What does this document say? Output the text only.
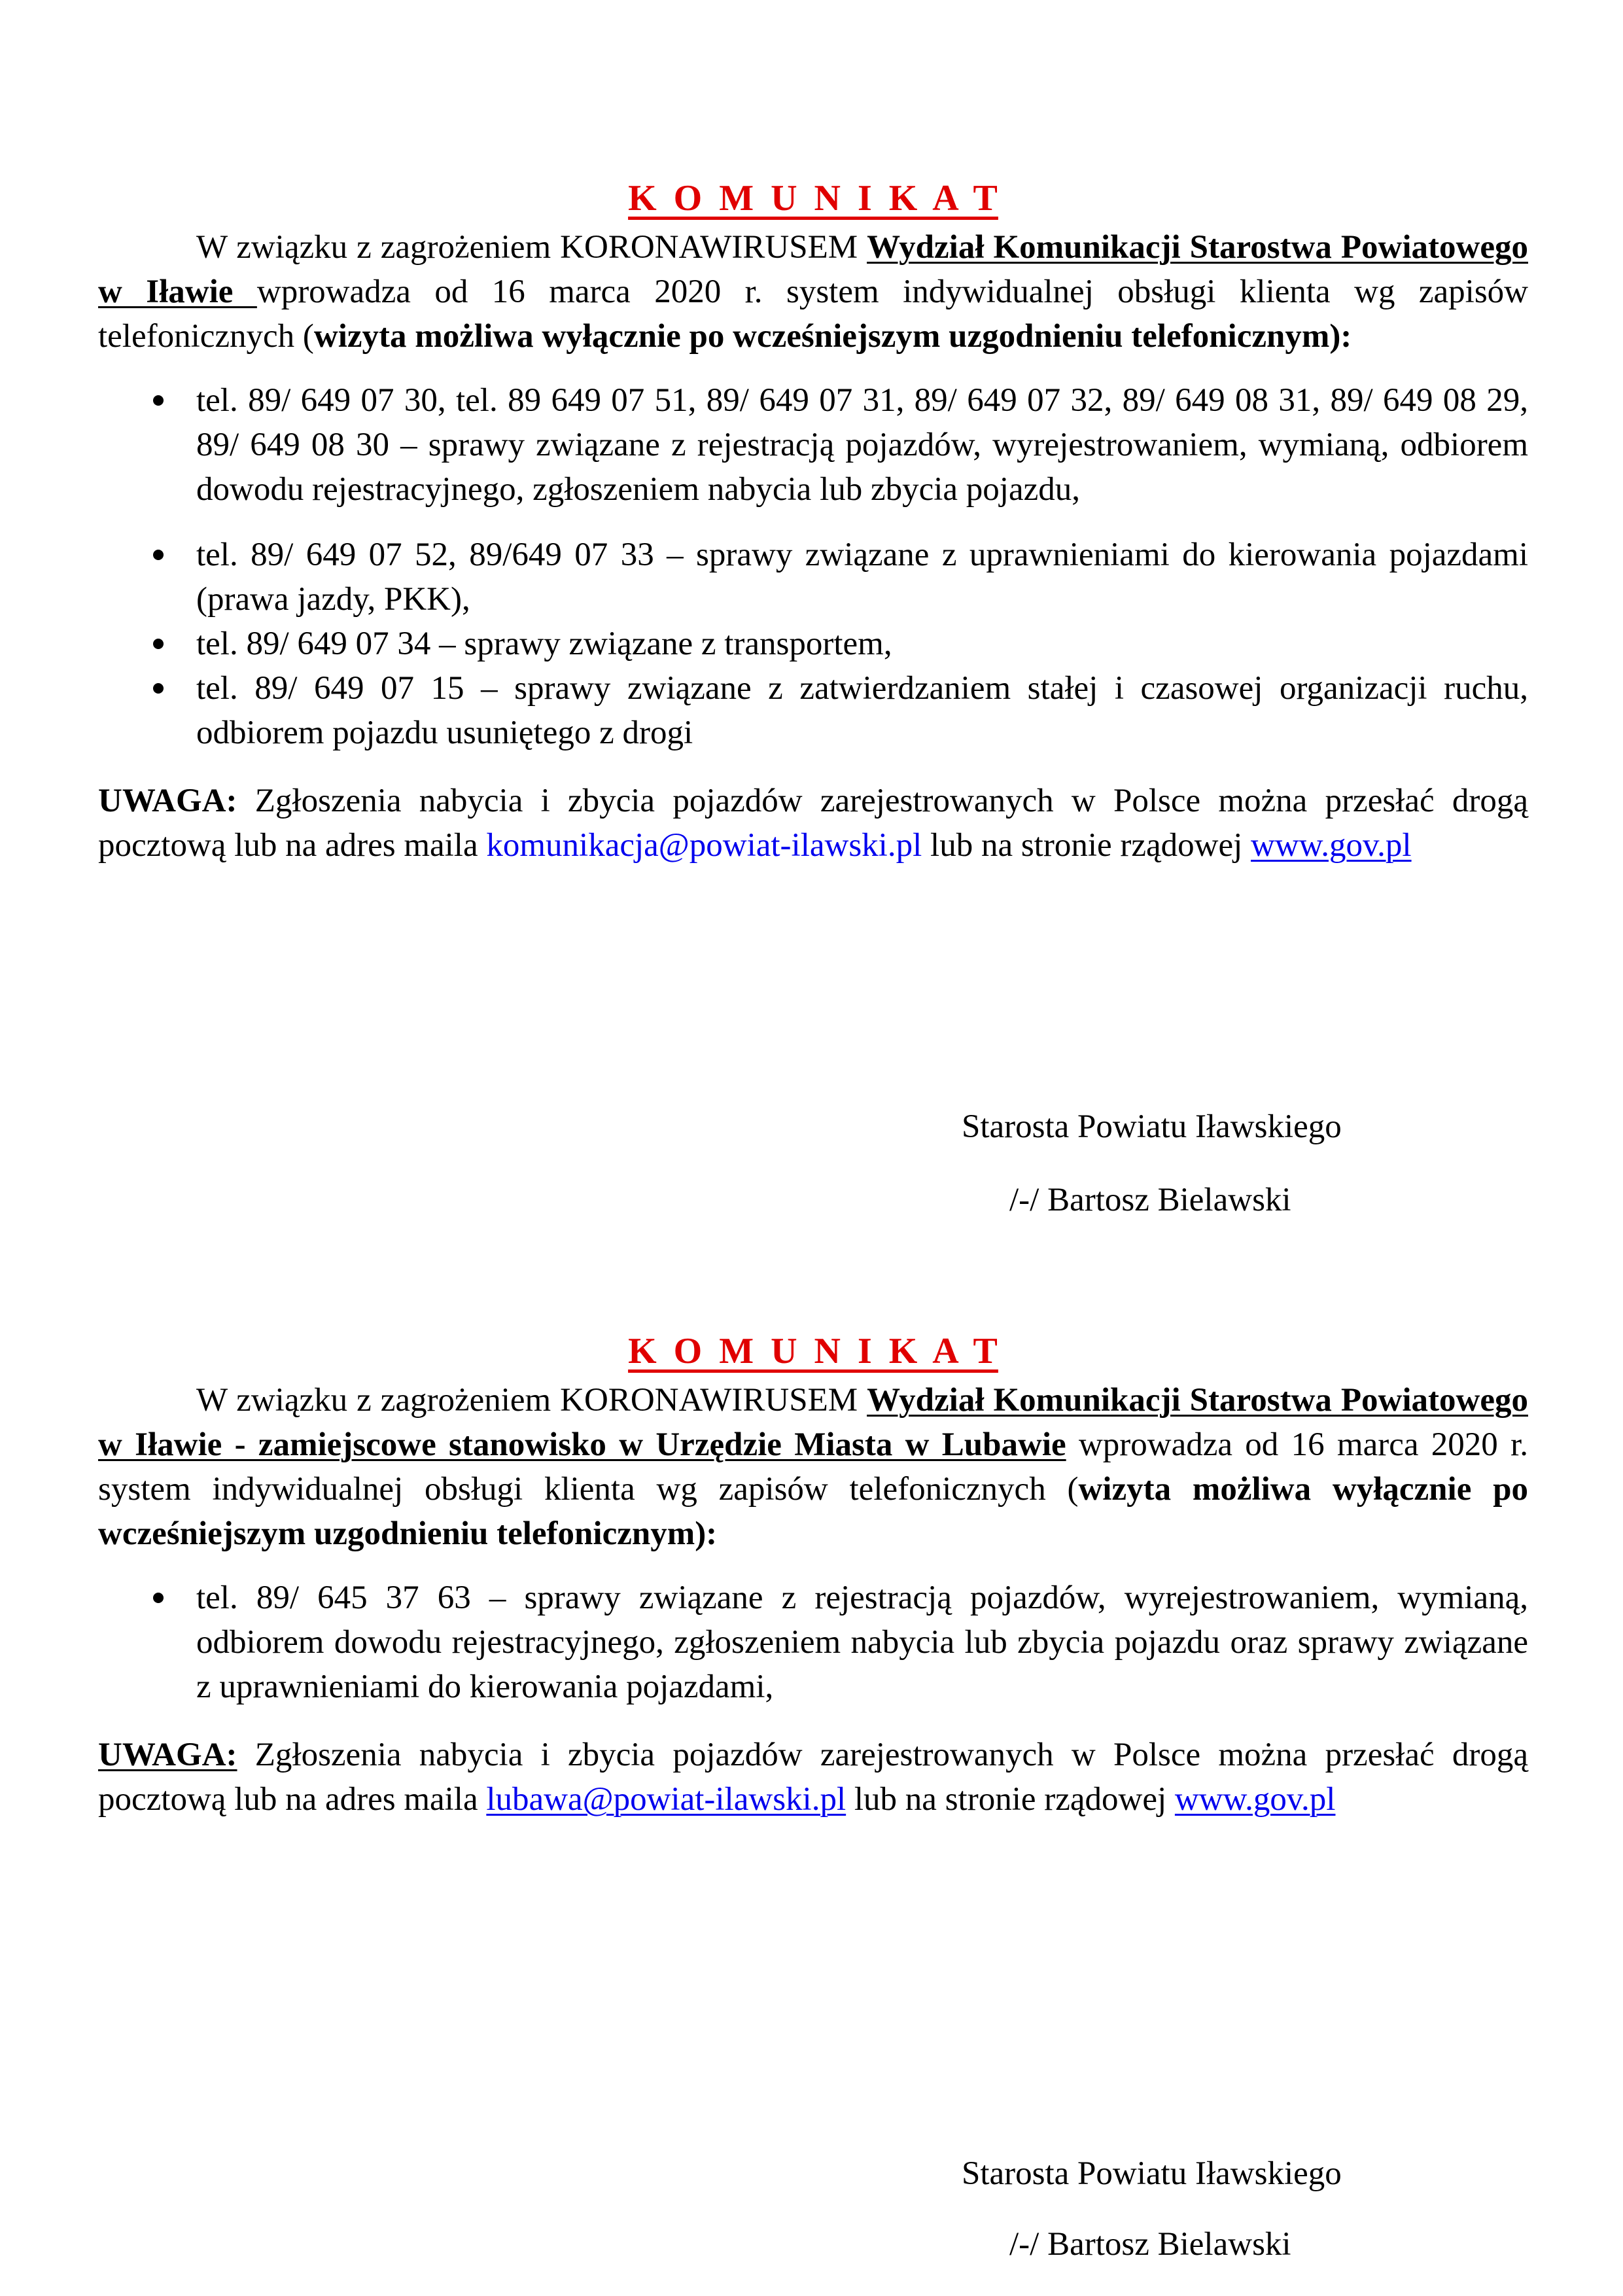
K O M U N I K A T

W związku z zagrożeniem KORONAWIRUSEM Wydział Komunikacji Starostwa Powiatowego w Iławie wprowadza od 16 marca 2020 r. system indywidualnej obsługi klienta wg zapisów telefonicznych (wizyta możliwa wyłącznie po wcześniejszym uzgodnieniu telefonicznym):

tel. 89/ 649 07 30, tel. 89 649 07 51, 89/ 649 07 31, 89/ 649 07 32, 89/ 649 08 31, 89/ 649 08 29, 89/ 649 08 30 – sprawy związane z rejestracją pojazdów, wyrejestrowaniem, wymianą, odbiorem dowodu rejestracyjnego, zgłoszeniem nabycia lub zbycia pojazdu,
tel. 89/ 649 07 52, 89/649 07 33 – sprawy związane z uprawnieniami do kierowania pojazdami (prawa jazdy, PKK),
tel. 89/ 649 07 34 – sprawy związane z transportem,
tel. 89/ 649 07 15 – sprawy związane z zatwierdzaniem stałej i czasowej organizacji ruchu, odbiorem pojazdu usuniętego z drogi

UWAGA: Zgłoszenia nabycia i zbycia pojazdów zarejestrowanych w Polsce można przesłać drogą pocztową lub na adres maila komunikacja@powiat-ilawski.pl lub na stronie rządowej www.gov.pl

Starosta Powiatu Iławskiego
/-/ Bartosz Bielawski
K O M U N I K A T

W związku z zagrożeniem KORONAWIRUSEM Wydział Komunikacji Starostwa Powiatowego w Iławie - zamiejscowe stanowisko w Urzędzie Miasta w Lubawie wprowadza od 16 marca 2020 r. system indywidualnej obsługi klienta wg zapisów telefonicznych (wizyta możliwa wyłącznie po wcześniejszym uzgodnieniu telefonicznym):

tel. 89/ 645 37 63 – sprawy związane z rejestracją pojazdów, wyrejestrowaniem, wymianą, odbiorem dowodu rejestracyjnego, zgłoszeniem nabycia lub zbycia pojazdu oraz sprawy związane z uprawnieniami do kierowania pojazdami,

UWAGA: Zgłoszenia nabycia i zbycia pojazdów zarejestrowanych w Polsce można przesłać drogą pocztową lub na adres maila lubawa@powiat-ilawski.pl lub na stronie rządowej www.gov.pl

Starosta Powiatu Iławskiego
/-/ Bartosz Bielawski
